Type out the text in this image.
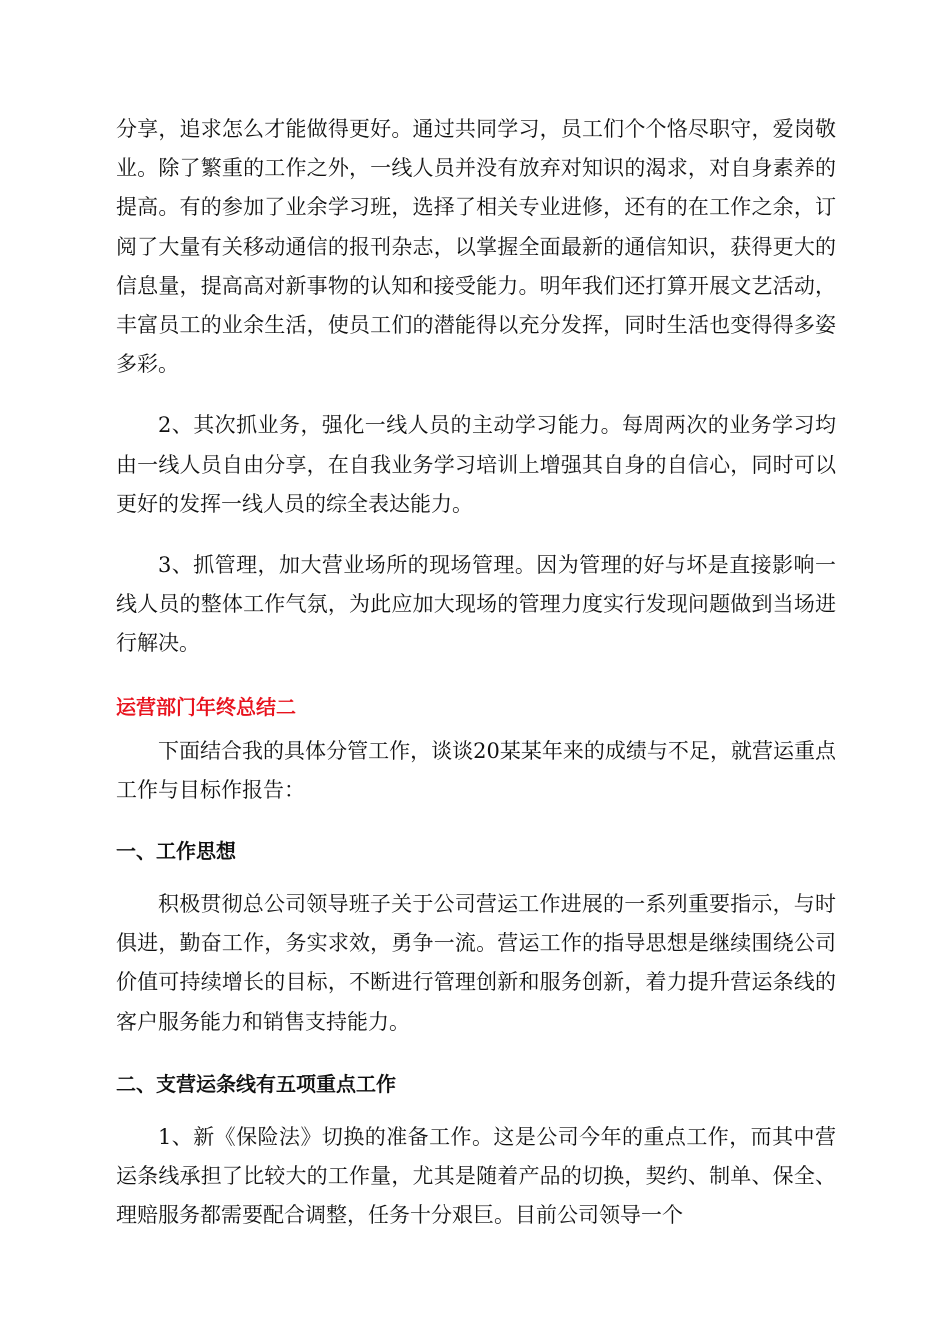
分享，追求怎么才能做得更好。通过共同学习，员工们个个恪尽职守，爱岗敬业。除了繁重的工作之外，一线人员并没有放弃对知识的渴求，对自身素养的提高。有的参加了业余学习班，选择了相关专业进修，还有的在工作之余，订阅了大量有关移动通信的报刊杂志，以掌握全面最新的通信知识，获得更大的信息量，提高高对新事物的认知和接受能力。明年我们还打算开展文艺活动，丰富员工的业余生活，使员工们的潜能得以充分发挥，同时生活也变得得多姿多彩。

2、其次抓业务，强化一线人员的主动学习能力。每周两次的业务学习均由一线人员自由分享，在自我业务学习培训上增强其自身的自信心，同时可以更好的发挥一线人员的综全表达能力。

3、抓管理，加大营业场所的现场管理。因为管理的好与坏是直接影响一线人员的整体工作气氛，为此应加大现场的管理力度实行发现问题做到当场进行解决。

运营部门年终总结二

下面结合我的具体分管工作，谈谈20某某年来的成绩与不足，就营运重点工作与目标作报告：

一、工作思想

积极贯彻总公司领导班子关于公司营运工作进展的一系列重要指示，与时俱进，勤奋工作，务实求效，勇争一流。营运工作的指导思想是继续围绕公司价值可持续增长的目标，不断进行管理创新和服务创新，着力提升营运条线的客户服务能力和销售支持能力。

二、支营运条线有五项重点工作

1、新《保险法》切换的准备工作。这是公司今年的重点工作，而其中营运条线承担了比较大的工作量，尤其是随着产品的切换，契约、制单、保全、理赔服务都需要配合调整，任务十分艰巨。目前公司领导一个
